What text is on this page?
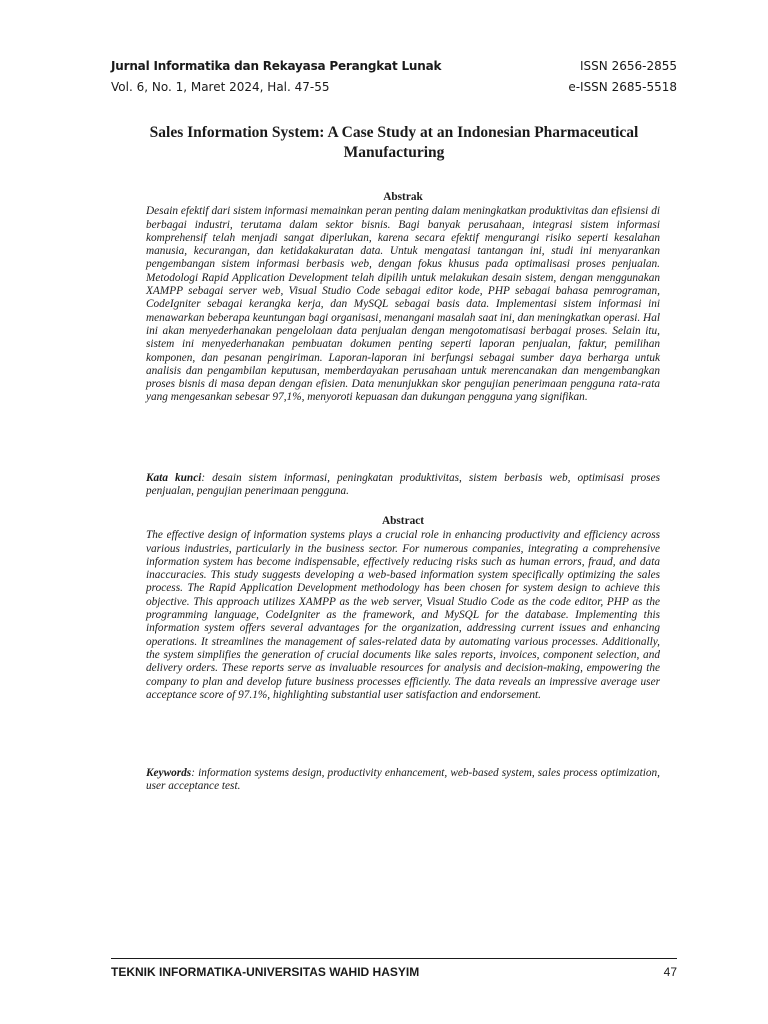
Jurnal Informatika dan Rekayasa Perangkat Lunak	ISSN 2656-2855
Vol. 6, No. 1, Maret 2024, Hal. 47-55	e-ISSN 2685-5518
Sales Information System: A Case Study at an Indonesian Pharmaceutical Manufacturing
Abstrak

Desain efektif dari sistem informasi memainkan peran penting dalam meningkatkan produktivitas dan efisiensi di berbagai industri, terutama dalam sektor bisnis. Bagi banyak perusahaan, integrasi sistem informasi komprehensif telah menjadi sangat diperlukan, karena secara efektif mengurangi risiko seperti kesalahan manusia, kecurangan, dan ketidakakuratan data. Untuk mengatasi tantangan ini, studi ini menyarankan pengembangan sistem informasi berbasis web, dengan fokus khusus pada optimalisasi proses penjualan. Metodologi Rapid Application Development telah dipilih untuk melakukan desain sistem, dengan menggunakan XAMPP sebagai server web, Visual Studio Code sebagai editor kode, PHP sebagai bahasa pemrograman, CodeIgniter sebagai kerangka kerja, dan MySQL sebagai basis data. Implementasi sistem informasi ini menawarkan beberapa keuntungan bagi organisasi, menangani masalah saat ini, dan meningkatkan operasi. Hal ini akan menyederhanakan pengelolaan data penjualan dengan mengotomatisasi berbagai proses. Selain itu, sistem ini menyederhanakan pembuatan dokumen penting seperti laporan penjualan, faktur, pemilihan komponen, dan pesanan pengiriman. Laporan-laporan ini berfungsi sebagai sumber daya berharga untuk analisis dan pengambilan keputusan, memberdayakan perusahaan untuk merencanakan dan mengembangkan proses bisnis di masa depan dengan efisien. Data menunjukkan skor pengujian penerimaan pengguna rata-rata yang mengesankan sebesar 97,1%, menyoroti kepuasan dan dukungan pengguna yang signifikan.

Kata kunci: desain sistem informasi, peningkatan produktivitas, sistem berbasis web, optimisasi proses penjualan, pengujian penerimaan pengguna.

Abstract

The effective design of information systems plays a crucial role in enhancing productivity and efficiency across various industries, particularly in the business sector. For numerous companies, integrating a comprehensive information system has become indispensable, effectively reducing risks such as human errors, fraud, and data inaccuracies. This study suggests developing a web-based information system specifically optimizing the sales process. The Rapid Application Development methodology has been chosen for system design to achieve this objective. This approach utilizes XAMPP as the web server, Visual Studio Code as the code editor, PHP as the programming language, CodeIgniter as the framework, and MySQL for the database. Implementing this information system offers several advantages for the organization, addressing current issues and enhancing operations. It streamlines the management of sales-related data by automating various processes. Additionally, the system simplifies the generation of crucial documents like sales reports, invoices, component selection, and delivery orders. These reports serve as invaluable resources for analysis and decision-making, empowering the company to plan and develop future business processes efficiently. The data reveals an impressive average user acceptance score of 97.1%, highlighting substantial user satisfaction and endorsement.

Keywords: information systems design, productivity enhancement, web-based system, sales process optimization, user acceptance test.

TEKNIK INFORMATIKA-UNIVERSITAS WAHID HASYIM	47
